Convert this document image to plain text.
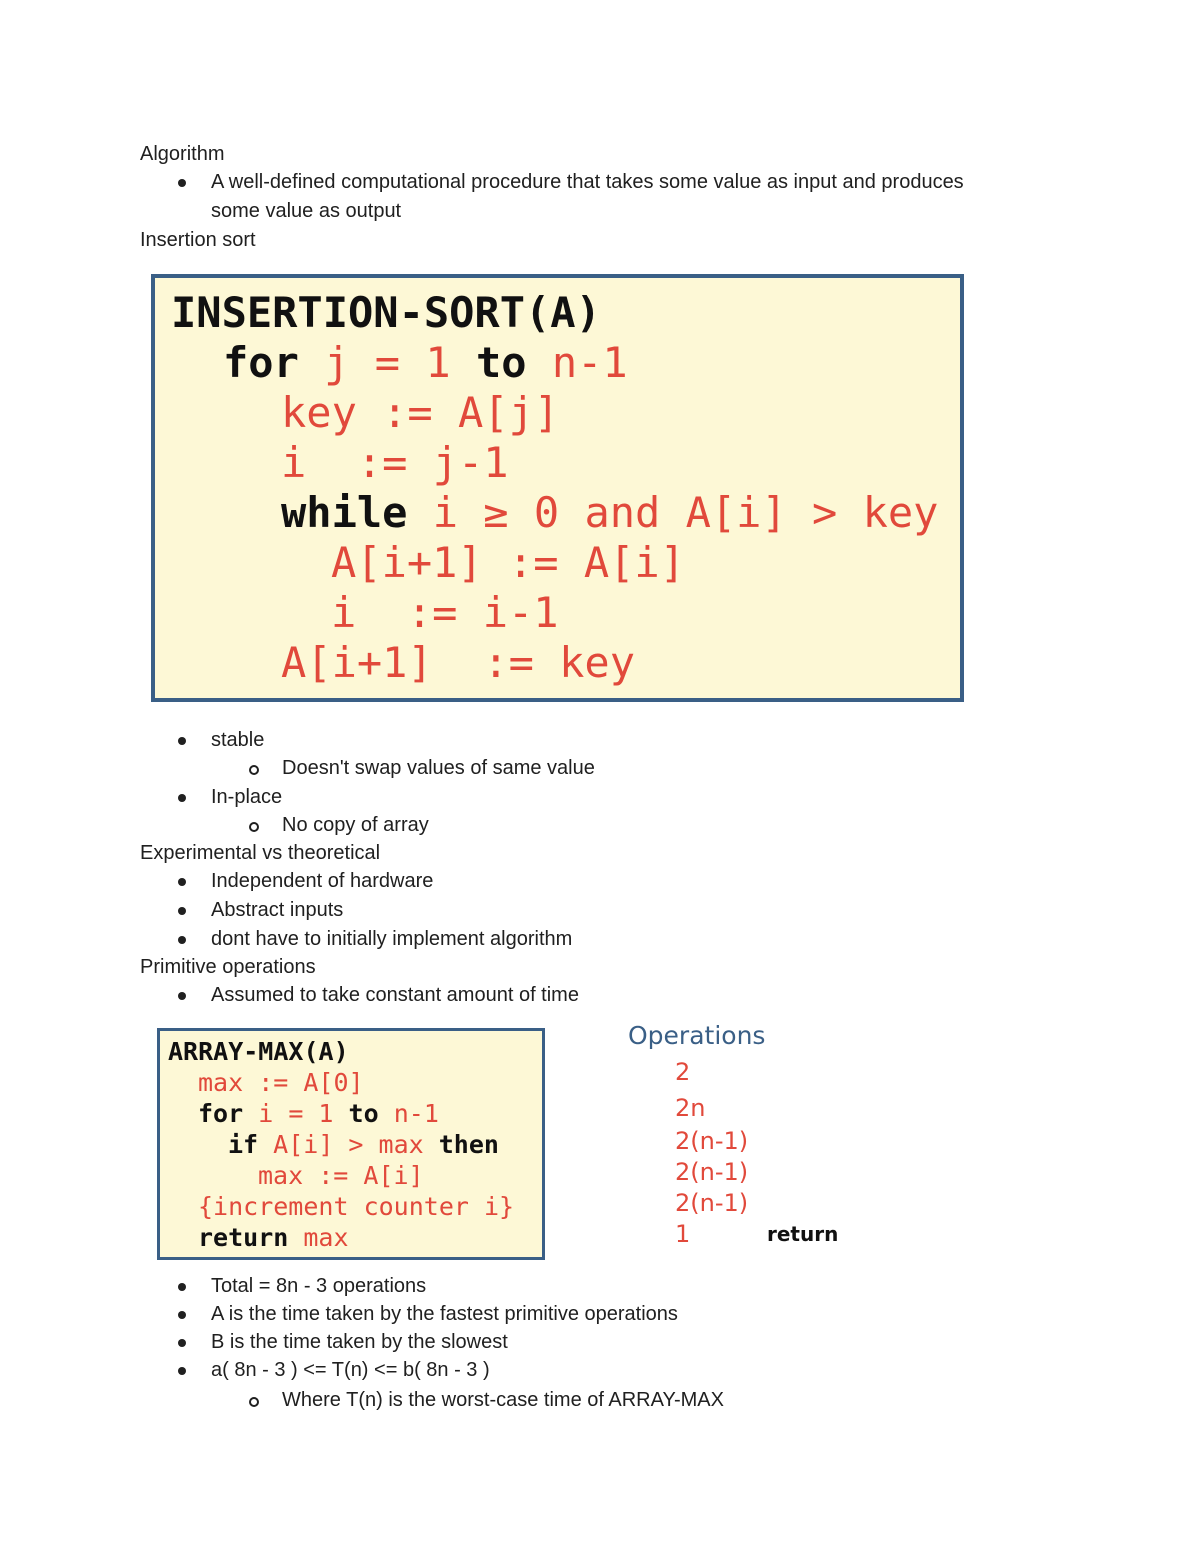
Algorithm
A well-defined computational procedure that takes some value as input and produces
some value as output
Insertion sort
INSERTION-SORT(A)
for j = 1 to n-1
key := A[j]
i  := j-1
while i ≥ 0 and A[i] > key
A[i+1] := A[i]
i  := i-1
A[i+1]  := key
stable
Doesn't swap values of same value
In-place
No copy of array
Experimental vs theoretical
Independent of hardware
Abstract inputs
dont have to initially implement algorithm
Primitive operations
Assumed to take constant amount of time
ARRAY-MAX(A)
max := A[0]
for i = 1 to n-1
if A[i] > max then
max := A[i]
{increment counter i}
return max
Operations
2
2n
2(n-1)
2(n-1)
2(n-1)
1	return
Total = 8n - 3 operations
A is the time taken by the fastest primitive operations
B is the time taken by the slowest
a( 8n - 3 ) <= T(n) <= b( 8n - 3 )
Where T(n) is the worst-case time of ARRAY-MAX
